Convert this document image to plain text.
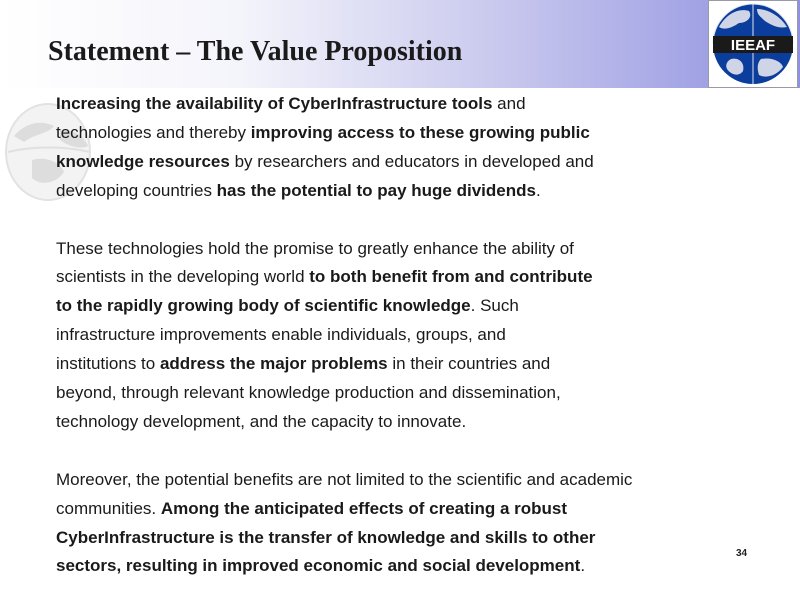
Statement – The Value Proposition	IEEAF

Increasing the availability of CyberInfrastructure tools and
technologies and thereby improving access to these growing public
knowledge resources by researchers and educators in developed and
developing countries has the potential to pay huge dividends.

These technologies hold the promise to greatly enhance the ability of
scientists in the developing world to both benefit from and contribute
to the rapidly growing body of scientific knowledge. Such
infrastructure improvements enable individuals, groups, and
institutions to address the major problems in their countries and
beyond, through relevant knowledge production and dissemination,
technology development, and the capacity to innovate.

Moreover, the potential benefits are not limited to the scientific and academic
communities. Among the anticipated effects of creating a robust
CyberInfrastructure is the transfer of knowledge and skills to other
sectors, resulting in improved economic and social development.

34
